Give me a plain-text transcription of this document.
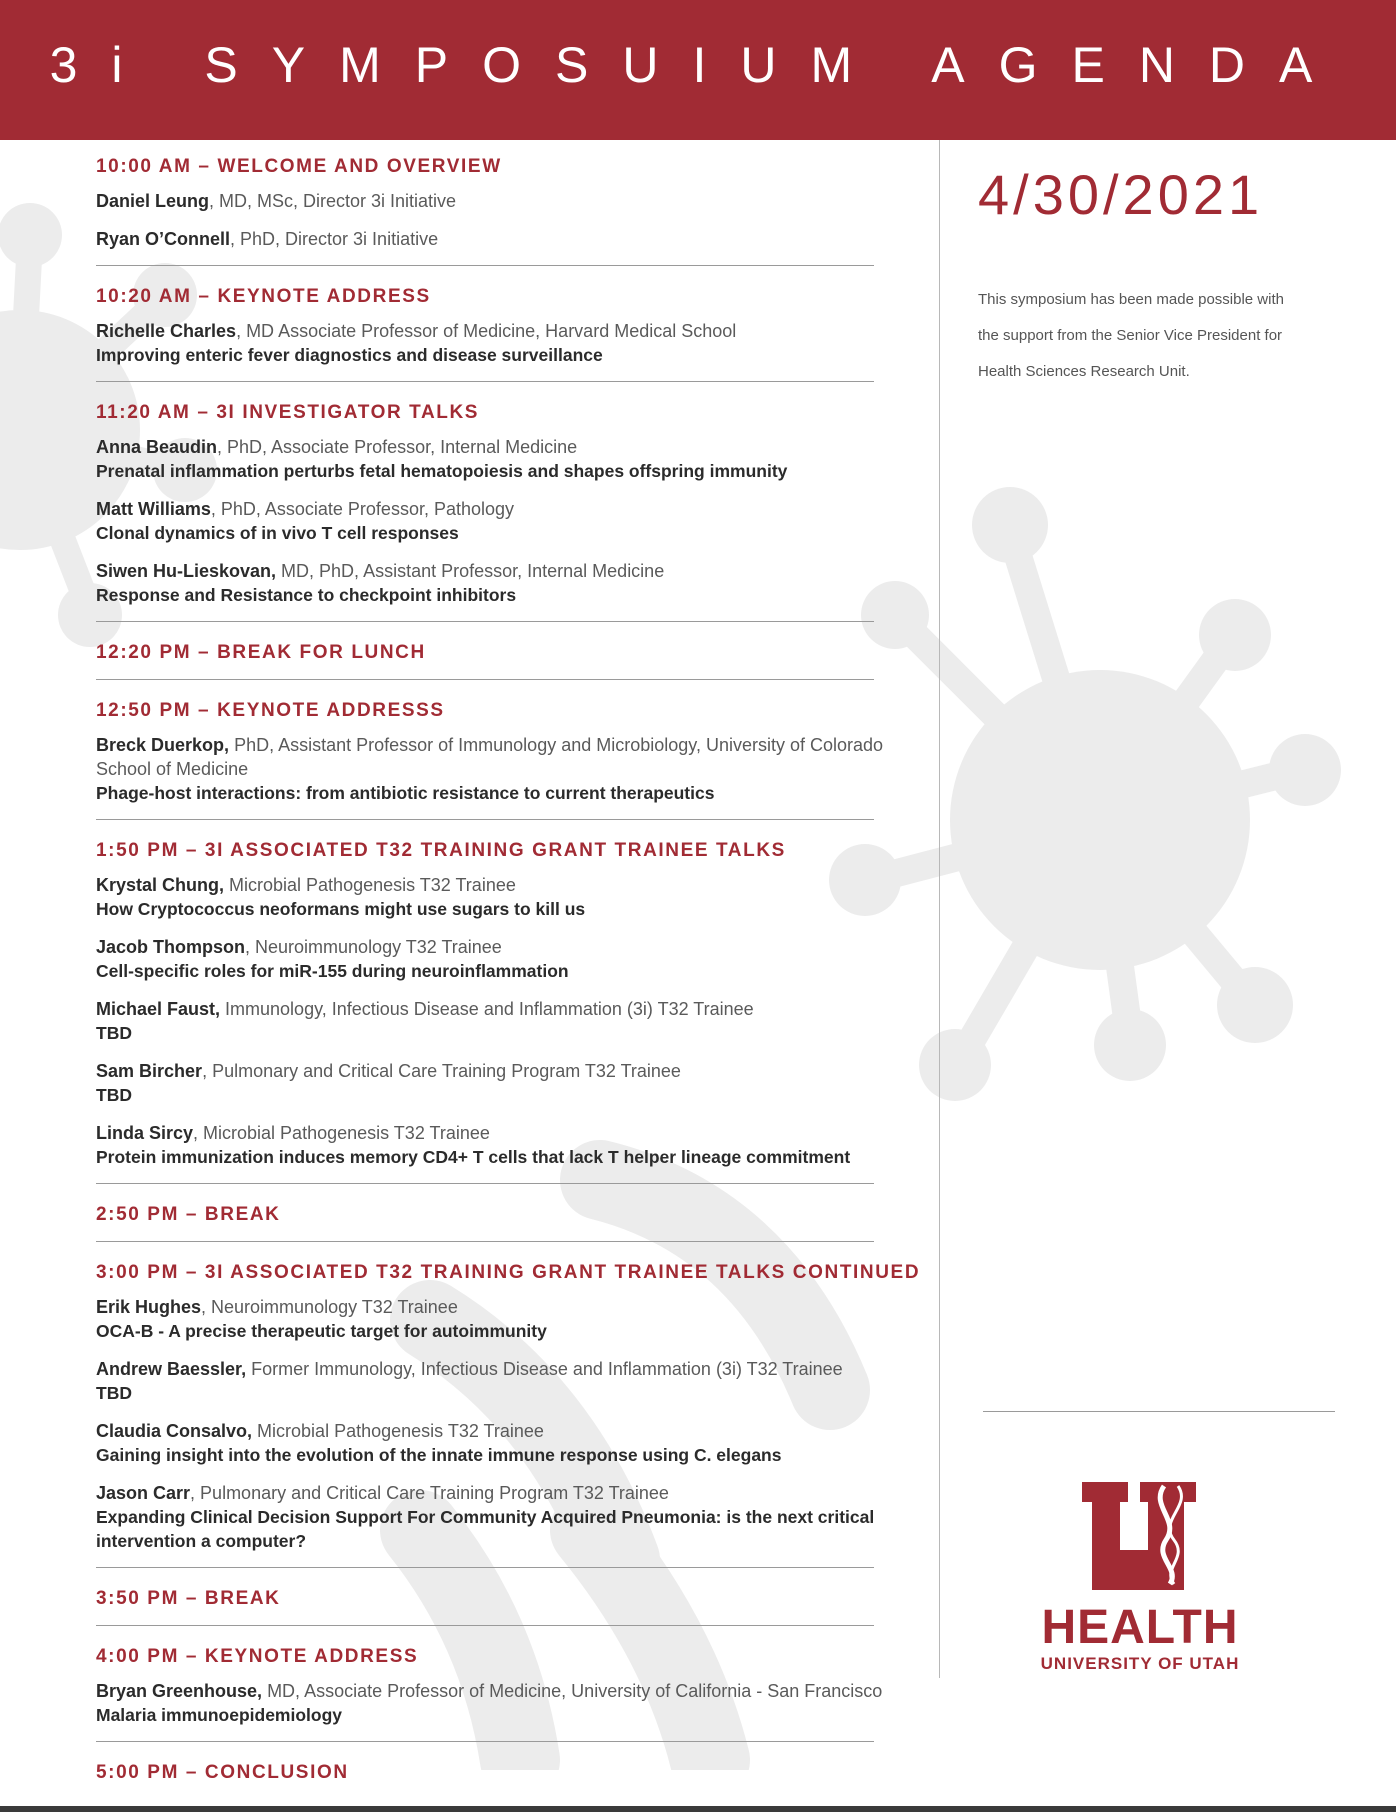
3i SYMPOSUIUM AGENDA
10:00 AM – WELCOME AND OVERVIEW
Daniel Leung, MD, MSc, Director 3i Initiative
Ryan O’Connell, PhD, Director 3i Initiative
10:20 AM – KEYNOTE ADDRESS
Richelle Charles, MD Associate Professor of Medicine, Harvard Medical School
Improving enteric fever diagnostics and disease surveillance
11:20 AM – 3I INVESTIGATOR TALKS
Anna Beaudin, PhD, Associate Professor, Internal Medicine
Prenatal inflammation perturbs fetal hematopoiesis and shapes offspring immunity
Matt Williams, PhD, Associate Professor, Pathology
Clonal dynamics of in vivo T cell responses
Siwen Hu-Lieskovan, MD, PhD, Assistant Professor, Internal Medicine
Response and Resistance to checkpoint inhibitors
12:20 PM – BREAK FOR LUNCH
12:50 PM – KEYNOTE ADDRESSS
Breck Duerkop, PhD, Assistant Professor of Immunology and Microbiology, University of Colorado School of Medicine
Phage-host interactions: from antibiotic resistance to current therapeutics
1:50 PM – 3I ASSOCIATED T32 TRAINING GRANT TRAINEE TALKS
Krystal Chung, Microbial Pathogenesis T32 Trainee
How Cryptococcus neoformans might use sugars to kill us
Jacob Thompson, Neuroimmunology T32 Trainee
Cell-specific roles for miR-155 during neuroinflammation
Michael Faust, Immunology, Infectious Disease and Inflammation (3i) T32 Trainee
TBD
Sam Bircher, Pulmonary and Critical Care Training Program T32 Trainee
TBD
Linda Sircy, Microbial Pathogenesis T32 Trainee
Protein immunization induces memory CD4+ T cells that lack T helper lineage commitment
2:50 PM – BREAK
3:00 PM – 3I ASSOCIATED T32 TRAINING GRANT TRAINEE TALKS CONTINUED
Erik Hughes, Neuroimmunology T32 Trainee
OCA-B - A precise therapeutic target for autoimmunity
Andrew Baessler, Former Immunology, Infectious Disease and Inflammation (3i) T32 Trainee
TBD
Claudia Consalvo, Microbial Pathogenesis T32 Trainee
Gaining insight into the evolution of the innate immune response using C. elegans
Jason Carr, Pulmonary and Critical Care Training Program T32 Trainee
Expanding Clinical Decision Support For Community Acquired Pneumonia: is the next critical intervention a computer?
3:50 PM – BREAK
4:00 PM – KEYNOTE ADDRESS
Bryan Greenhouse, MD, Associate Professor of Medicine, University of California - San Francisco
Malaria immunoepidemiology
5:00 PM – CONCLUSION
4/30/2021
This symposium has been made possible with the support from the Senior Vice President for Health Sciences Research Unit.
HEALTH
UNIVERSITY OF UTAH
